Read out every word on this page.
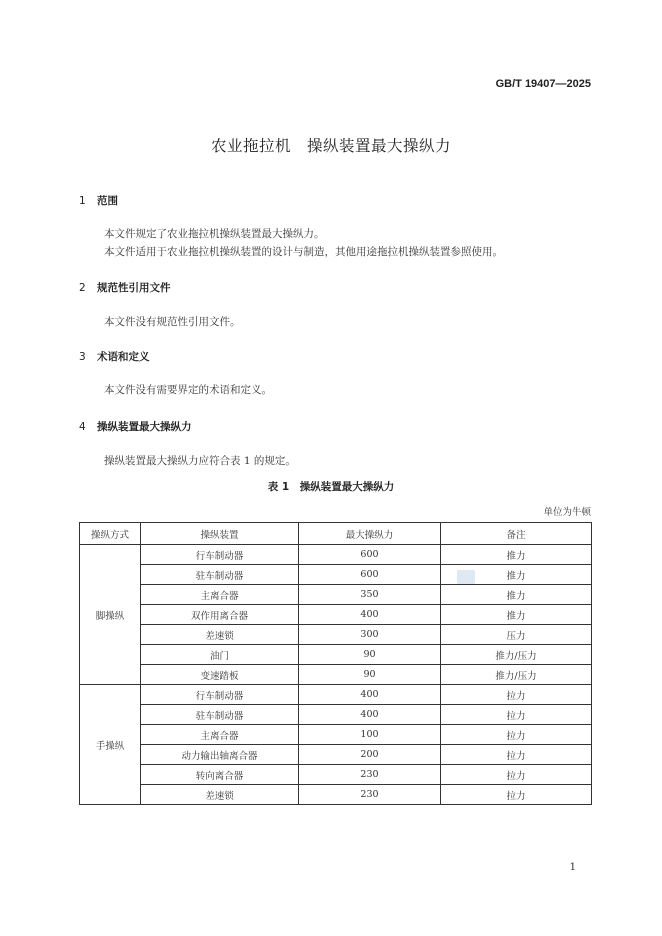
GB/T 19407—2025
农业拖拉机　操纵装置最大操纵力
1 范围
本文件规定了农业拖拉机操纵装置最大操纵力。
本文件适用于农业拖拉机操纵装置的设计与制造，其他用途拖拉机操纵装置参照使用。
2 规范性引用文件
本文件没有规范性引用文件。
3 术语和定义
本文件没有需要界定的术语和定义。
4 操纵装置最大操纵力
操纵装置最大操纵力应符合表 1 的规定。
表 1　操纵装置最大操纵力
单位为牛顿
操纵方式	操纵装置	最大操纵力	备注
脚操纵	行车制动器	600	推力
	驻车制动器	600	推力
	主离合器	350	推力
	双作用离合器	400	推力
	差速锁	300	压力
	油门	90	推力/压力
	变速踏板	90	推力/压力
手操纵	行车制动器	400	拉力
	驻车制动器	400	拉力
	主离合器	100	拉力
	动力输出轴离合器	200	拉力
	转向离合器	230	拉力
	差速锁	230	拉力
1
